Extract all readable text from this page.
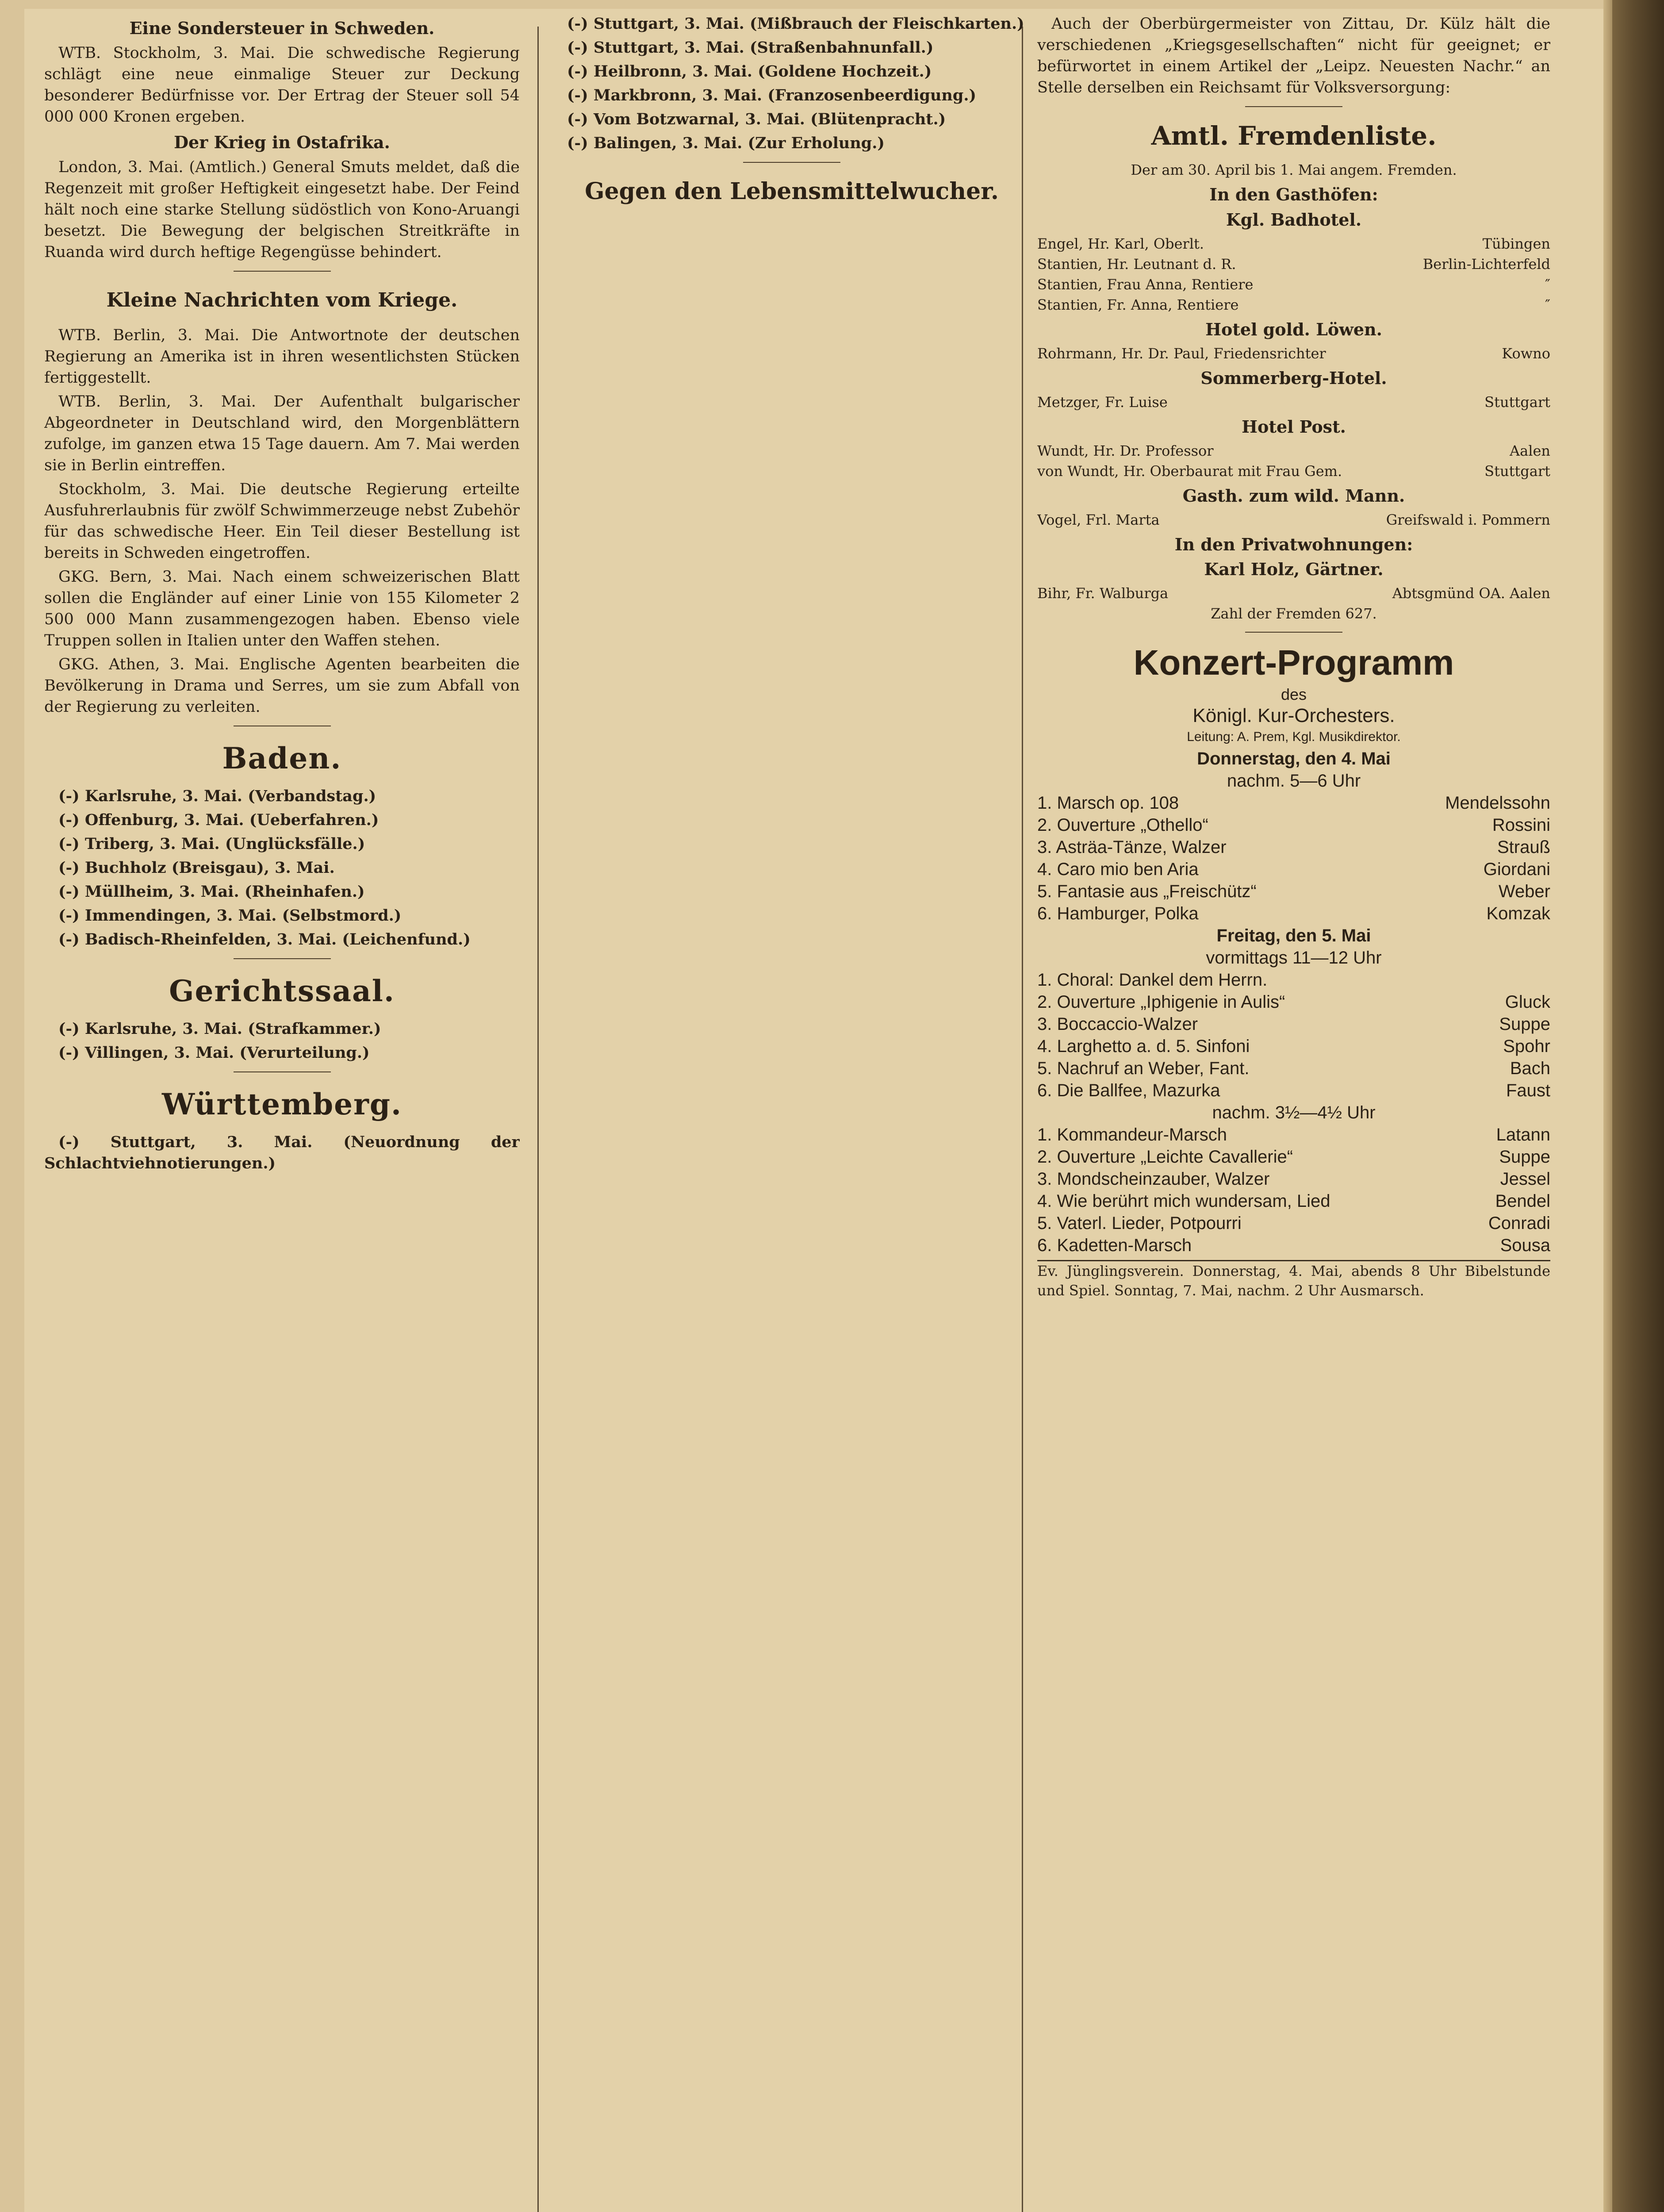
Eine Sondersteuer in Schweden.

WTB. Stockholm, 3. Mai. Die schwedische Regierung schlägt eine neue einmalige Steuer zur Deckung besonderer Bedürfnisse vor. Der Ertrag der Steuer soll 54 000 000 Kronen ergeben.

Der Krieg in Ostafrika.

London, 3. Mai. (Amtlich.) General Smuts meldet, daß die Regenzeit mit großer Heftigkeit eingesetzt habe. Der Feind hält noch eine starke Stellung südöstlich von Kono-Aruangi besetzt. Die Bewegung der belgischen Streitkräfte in Ruanda wird durch heftige Regengüsse behindert.

Kleine Nachrichten vom Kriege.

WTB. Berlin, 3. Mai. Die Antwortnote der deutschen Regierung an Amerika ist in ihren wesentlichsten Stücken fertiggestellt.

WTB. Berlin, 3. Mai. Der Aufenthalt bulgarischer Abgeordneter in Deutschland wird, den Morgenblättern zufolge, im ganzen etwa 15 Tage dauern. Am 7. Mai werden sie in Berlin eintreffen.

Stockholm, 3. Mai. Die deutsche Regierung erteilte Ausfuhrerlaubnis für zwölf Schwimmerzeuge nebst Zubehör für das schwedische Heer. Ein Teil dieser Bestellung ist bereits in Schweden eingetroffen.

GKG. Bern, 3. Mai. Nach einem schweizerischen Blatt sollen die Engländer auf einer Linie von 155 Kilometer 2 500 000 Mann zusammengezogen haben. Ebenso viele Truppen sollen in Italien unter den Waffen stehen.

GKG. Athen, 3. Mai. Englische Agenten bearbeiten die Bevölkerung in Drama und Serres, um sie zum Abfall von der Regierung zu verleiten.

Baden.

(-) Karlsruhe, 3. Mai. (Verbandstag.)

(-) Offenburg, 3. Mai. (Ueberfahren.)

(-) Triberg, 3. Mai. (Unglücksfälle.)

(-) Buchholz (Breisgau), 3. Mai.

(-) Müllheim, 3. Mai. (Rheinhafen.)

(-) Immendingen, 3. Mai. (Selbstmord.)

(-) Badisch-Rheinfelden, 3. Mai. (Leichenfund.)

Gerichtssaal.

(-) Karlsruhe, 3. Mai. (Strafkammer.)

(-) Villingen, 3. Mai. (Verurteilung.)

Württemberg.

(-) Stuttgart, 3. Mai. (Neuordnung der Schlachtviehnotierungen.)

(-) Stuttgart, 3. Mai. (Mißbrauch der Fleischkarten.)

(-) Stuttgart, 3. Mai. (Straßenbahnunfall.)

(-) Heilbronn, 3. Mai. (Goldene Hochzeit.)

(-) Markbronn, 3. Mai. (Franzosenbeerdigung.)

(-) Vom Botzwarnal, 3. Mai. (Blütenpracht.)

(-) Balingen, 3. Mai. (Zur Erholung.)

Gegen den Lebensmittelwucher.

Auch der Oberbürgermeister von Zittau, Dr. Külz hält die verschiedenen „Kriegsgesellschaften“ nicht für geeignet; er befürwortet in einem Artikel der „Leipz. Neuesten Nachr.“ an Stelle derselben ein Reichsamt für Volksversorgung:

Amtl. Fremdenliste.
Der am 30. April bis 1. Mai angem. Fremden.
In den Gasthöfen:
Kgl. Badhotel.
Engel, Hr. Karl, Oberlt.	Tübingen
Stantien, Hr. Leutnant d. R.	Berlin-Lichterfeld
Stantien, Frau Anna, Rentiere	″
Stantien, Fr. Anna, Rentiere	″
Hotel gold. Löwen.
Rohrmann, Hr. Dr. Paul, Friedensrichter	Kowno
Sommerberg-Hotel.
Metzger, Fr. Luise	Stuttgart
Hotel Post.
Wundt, Hr. Dr. Professor	Aalen
von Wundt, Hr. Oberbaurat mit Frau Gem.	Stuttgart
Gasth. zum wild. Mann.
Vogel, Frl. Marta	Greifswald i. Pommern
In den Privatwohnungen:
Karl Holz, Gärtner.
Bihr, Fr. Walburga	Abtsgmünd OA. Aalen
Zahl der Fremden 627.
Konzert-Programm
des
Königl. Kur-Orchesters.
Leitung: A. Prem, Kgl. Musikdirektor.
Donnerstag, den 4. Mai
nachm. 5—6 Uhr
1. Marsch op. 108	Mendelssohn
2. Ouverture „Othello“	Rossini
3. Asträa-Tänze, Walzer	Strauß
4. Caro mio ben Aria	Giordani
5. Fantasie aus „Freischütz“	Weber
6. Hamburger, Polka	Komzak
Freitag, den 5. Mai
vormittags 11—12 Uhr
1. Choral: Dankel dem Herrn.
2. Ouverture „Iphigenie in Aulis“	Gluck
3. Boccaccio-Walzer	Suppe
4. Larghetto a. d. 5. Sinfoni	Spohr
5. Nachruf an Weber, Fant.	Bach
6. Die Ballfee, Mazurka	Faust
nachm. 3½—4½ Uhr
1. Kommandeur-Marsch	Latann
2. Ouverture „Leichte Cavallerie“	Suppe
3. Mondscheinzauber, Walzer	Jessel
4. Wie berührt mich wundersam, Lied	Bendel
5. Vaterl. Lieder, Potpourri	Conradi
6. Kadetten-Marsch	Sousa

Ev. Jünglingsverein. Donnerstag, 4. Mai, abends 8 Uhr Bibelstunde und Spiel. Sonntag, 7. Mai, nachm. 2 Uhr Ausmarsch.
